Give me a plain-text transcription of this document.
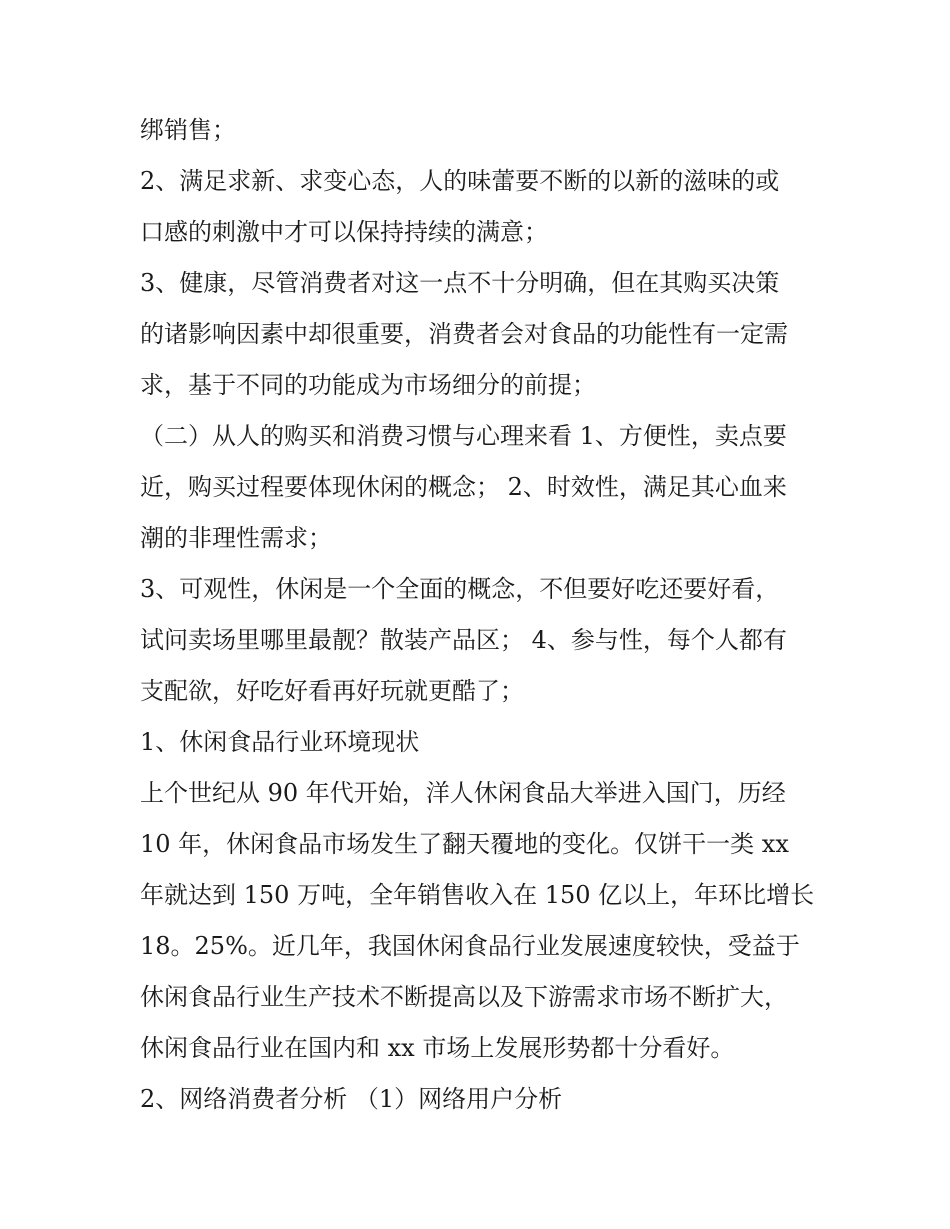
绑销售；

2、满足求新、求变心态，人的味蕾要不断的以新的滋味的或

口感的刺激中才可以保持持续的满意；

3、健康，尽管消费者对这一点不十分明确，但在其购买决策

的诸影响因素中却很重要，消费者会对食品的功能性有一定需

求，基于不同的功能成为市场细分的前提；

（二）从人的购买和消费习惯与心理来看 1、方便性，卖点要

近，购买过程要体现休闲的概念； 2、时效性，满足其心血来

潮的非理性需求；

3、可观性，休闲是一个全面的概念，不但要好吃还要好看，

试问卖场里哪里最靓？散装产品区； 4、参与性，每个人都有

支配欲，好吃好看再好玩就更酷了；

1、休闲食品行业环境现状

上个世纪从 90 年代开始，洋人休闲食品大举进入国门，历经

10 年，休闲食品市场发生了翻天覆地的变化。仅饼干一类 xx

年就达到 150 万吨，全年销售收入在 150 亿以上，年环比增长

18。25%。近几年，我国休闲食品行业发展速度较快，受益于

休闲食品行业生产技术不断提高以及下游需求市场不断扩大，

休闲食品行业在国内和 xx 市场上发展形势都十分看好。

2、网络消费者分析 （1）网络用户分析
